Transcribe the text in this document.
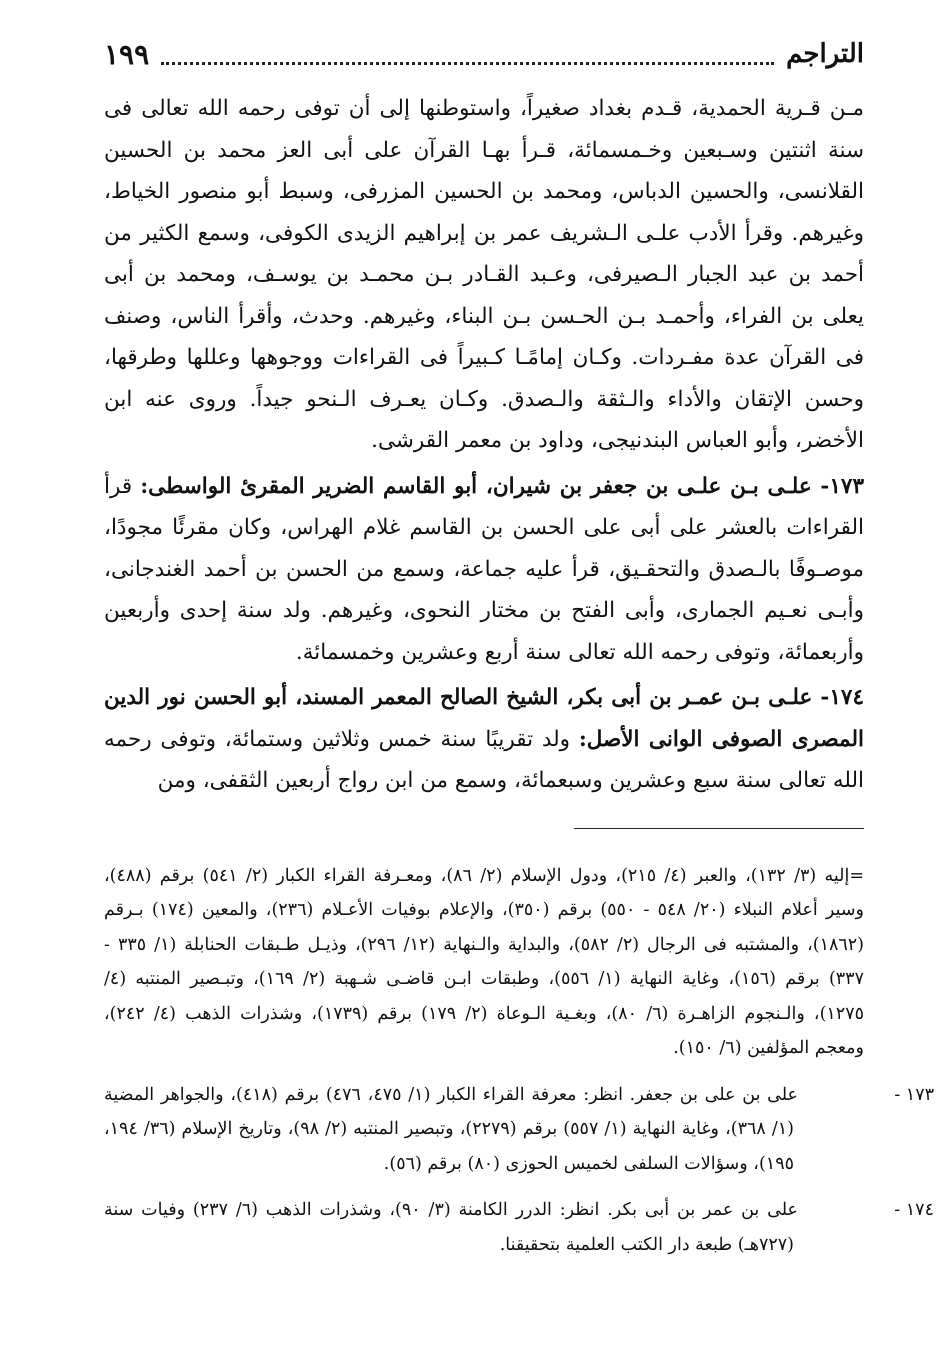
التراجم
١٩٩

مـن قـرية الحمدية، قـدم بغداد صغيراً، واستوطنها إلى أن توفى رحمه الله تعالى فى سنة اثنتين وسـبعين وخـمسمائة، قـرأ بهـا القرآن على أبى العز محمد بن الحسين القلانسى، والحسين الدباس، ومحمد بن الحسين المزرفى، وسبط أبو منصور الخياط، وغيرهم. وقرأ الأدب علـى الـشريف عمر بن إبراهيم الزيدى الكوفى، وسمع الكثير من أحمد بن عبد الجبار الـصيرفى، وعـبد القـادر بـن محمـد بن يوسـف، ومحمد بن أبى يعلى بن الفراء، وأحمـد بـن الحـسن بـن البناء، وغيرهم. وحدث، وأقرأ الناس، وصنف فى القرآن عدة مفـردات. وكـان إمامًـا كـبيراً فى القراءات ووجوهها وعللها وطرقها، وحسن الإتقان والأداء والـثقة والـصدق. وكـان يعـرف الـنحو جيداً. وروى عنه ابن الأخضر، وأبو العباس البندنيجى، وداود بن معمر القرشى.

١٧٣- علـى بـن علـى بن جعفر بن شيران، أبو القاسم الضرير المقرئ الواسطى: قرأ القراءات بالعشر على أبى على الحسن بن القاسم غلام الهراس، وكان مقرئًا مجودًا، موصـوفًا بالـصدق والتحقـيق، قرأ عليه جماعة، وسمع من الحسن بن أحمد الغندجانى، وأبـى نعـيم الجمارى، وأبى الفتح بن مختار النحوى، وغيرهم. ولد سنة إحدى وأربعين وأربعمائة، وتوفى رحمه الله تعالى سنة أربع وعشرين وخمسمائة.

١٧٤- علـى بـن عمـر بن أبى بكر، الشيخ الصالح المعمر المسند، أبو الحسن نور الدين المصرى الصوفى الوانى الأصل: ولد تقريبًا سنة خمس وثلاثين وستمائة، وتوفى رحمه الله تعالى سنة سبع وعشرين وسبعمائة، وسمع من ابن رواج أربعين الثقفى، ومن

=إليه (٣/ ١٣٢)، والعبر (٤/ ٢١٥)، ودول الإسلام (٢/ ٨٦)، ومعـرفة القراء الكبار (٢/ ٥٤١) برقم (٤٨٨)، وسير أعلام النبلاء (٢٠/ ٥٤٨ - ٥٥٠) برقم (٣٥٠)، والإعلام بوفيات الأعـلام (٢٣٦)، والمعين (١٧٤) بـرقم (١٨٦٢)، والمشتبه فى الرجال (٢/ ٥٨٢)، والبداية والـنهاية (١٢/ ٢٩٦)، وذيـل طـبقات الحنابلة (١/ ٣٣٥ - ٣٣٧) برقم (١٥٦)، وغاية النهاية (١/ ٥٥٦)، وطبقات ابـن قاضـى شـهبة (٢/ ١٦٩)، وتبـصير المنتبه (٤/ ١٢٧٥)، والـنجوم الزاهـرة (٦/ ٨٠)، وبغـية الـوعاة (٢/ ١٧٩) برقم (١٧٣٩)، وشذرات الذهب (٤/ ٢٤٢)، ومعجم المؤلفين (٦/ ١٥٠).

١٧٣ -على بن على بن جعفر. انظر: معرفة القراء الكبار (١/ ٤٧٥، ٤٧٦) برقم (٤١٨)، والجواهر المضية (١/ ٣٦٨)، وغاية النهاية (١/ ٥٥٧) برقم (٢٢٧٩)، وتبصير المنتبه (٢/ ٩٨)، وتاريخ الإسلام (٣٦/ ١٩٤، ١٩٥)، وسؤالات السلفى لخميس الحوزى (٨٠) برقم (٥٦).

١٧٤ -على بن عمر بن أبى بكر. انظر: الدرر الكامنة (٣/ ٩٠)، وشذرات الذهب (٦/ ٢٣٧) وفيات سنة (٧٢٧هـ) طبعة دار الكتب العلمية بتحقيقنا.
